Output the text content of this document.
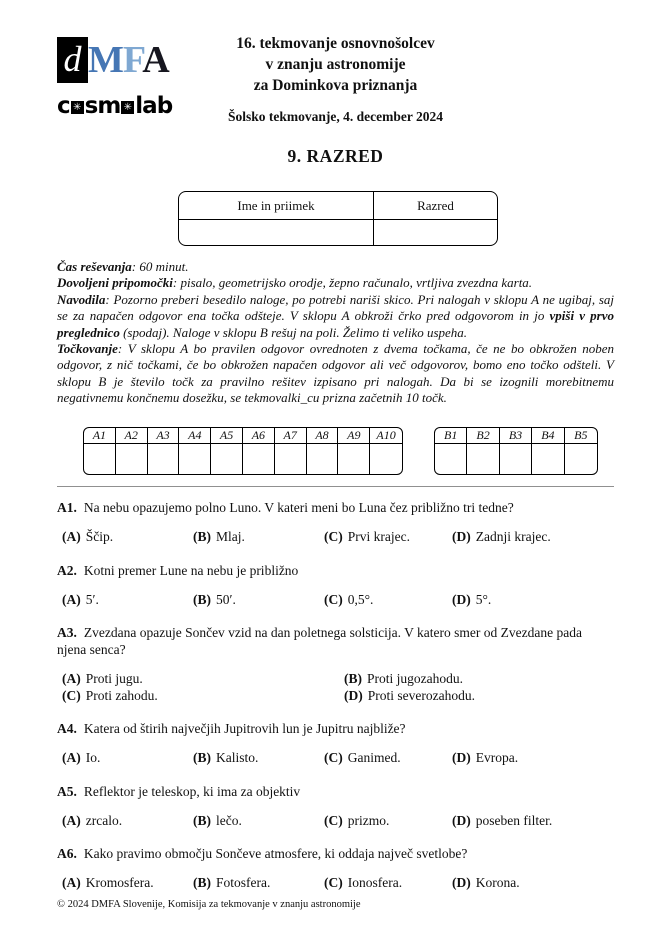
d MFA
c ✳ sm ✳ lab
16. tekmovanje osnovnošolcev
v znanju astronomije
za Dominkova priznanja
Šolsko tekmovanje, 4. december 2024
9. RAZRED
Ime in priimek	Razred

Čas reševanja: 60 minut.

Dovoljeni pripomočki: pisalo, geometrijsko orodje, žepno računalo, vrtljiva zvezdna karta.

Navodila: Pozorno preberi besedilo naloge, po potrebi nariši skico. Pri nalogah v sklopu A ne ugibaj, saj se za napačen odgovor ena točka odšteje. V sklopu A obkroži črko pred odgovorom in jo vpiši v prvo preglednico (spodaj). Naloge v sklopu B rešuj na poli. Želimo ti veliko uspeha.

Točkovanje: V sklopu A bo pravilen odgovor ovrednoten z dvema točkama, če ne bo obkrožen noben odgovor, z nič točkami, če bo obkrožen napačen odgovor ali več odgovorov, bomo eno točko odšteli. V sklopu B je število točk za pravilno rešitev izpisano pri nalogah. Da bi se izognili morebitnemu negativnemu končnemu dosežku, se tekmovalki_cu prizna začetnih 10 točk.

A1	A2	A3	A4	A5	A6	A7	A8	A9	A10	B1	B2	B3	B4	B5

A1. Na nebu opazujemo polno Luno. V kateri meni bo Luna čez približno tri tedne?

(A) Ščip.	(B) Mlaj.	(C) Prvi krajec.	(D) Zadnji krajec.

A2. Kotni premer Lune na nebu je približno

(A) 5′.	(B) 50′.	(C) 0,5°.	(D) 5°.

A3. Zvezdana opazuje Sončev vzid na dan poletnega solsticija. V katero smer od Zvezdane pada njena senca?

(A) Proti jugu.	(B) Proti jugozahodu.
(C) Proti zahodu.	(D) Proti severozahodu.

A4. Katera od štirih največjih Jupitrovih lun je Jupitru najbliže?

(A) Io.	(B) Kalisto.	(C) Ganimed.	(D) Evropa.

A5. Reflektor je teleskop, ki ima za objektiv

(A) zrcalo.	(B) lečo.	(C) prizmo.	(D) poseben filter.

A6. Kako pravimo območju Sončeve atmosfere, ki oddaja največ svetlobe?

(A) Kromosfera.	(B) Fotosfera.	(C) Ionosfera.	(D) Korona.
© 2024 DMFA Slovenije, Komisija za tekmovanje v znanju astronomije
